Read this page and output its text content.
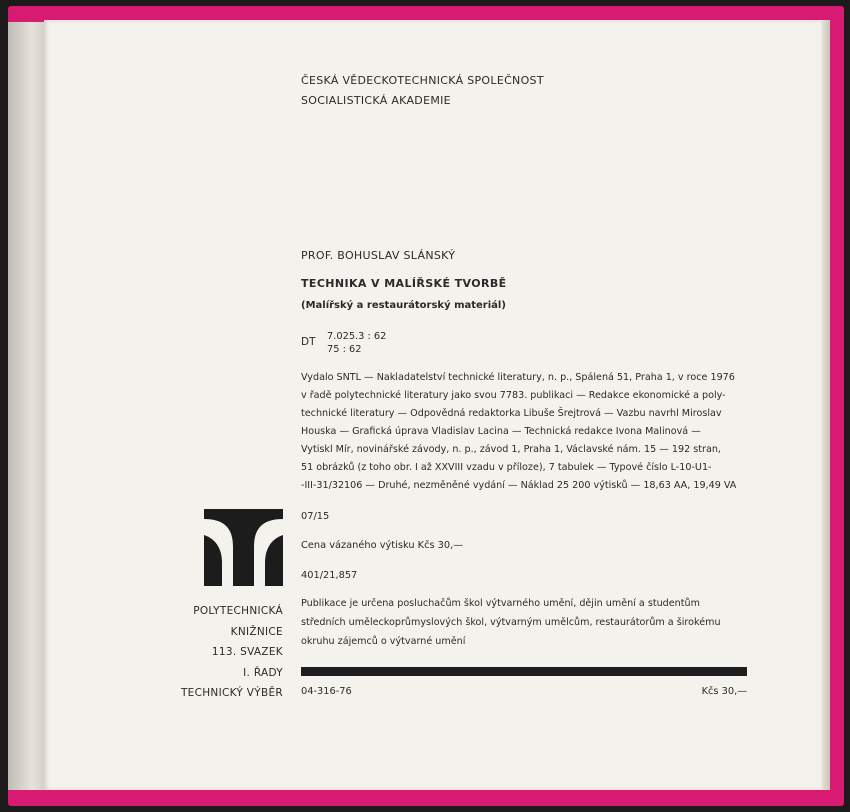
ČESKÁ VĚDECKOTECHNICKÁ SPOLEČNOST
SOCIALISTICKÁ AKADEMIE
PROF. BOHUSLAV SLÁNSKÝ
TECHNIKA V MALÍŘSKÉ TVORBĚ
(Malířský a restaurátorský materiál)
DT 7.025.3 : 62
75 : 62
Vydalo SNTL — Nakladatelství technické literatury, n. p., Spálená 51, Praha 1, v roce 1976
v řadě polytechnické literatury jako svou 7783. publikaci — Redakce ekonomické a poly-
technické literatury — Odpovědná redaktorka Libuše Šrejtrová — Vazbu navrhl Miroslav
Houska — Grafická úprava Vladislav Lacina — Technická redakce Ivona Malinová —
Vytiskl Mír, novinářské závody, n. p., závod 1, Praha 1, Václavské nám. 15 — 192 stran,
51 obrázků (z toho obr. I až XXVIII vzadu v příloze), 7 tabulek — Typové číslo L-10-U1-
-III-31/32106 — Druhé, nezměněné vydání — Náklad 25 200 výtisků — 18,63 AA, 19,49 VA
07/15
Cena vázaného výtisku Kčs 30,—
401/21,857
Publikace je určena posluchačům škol výtvarného umění, dějin umění a studentům
středních uměleckoprůmyslových škol, výtvarným umělcům, restaurátorům a širokému
okruhu zájemců o výtvarné umění
POLYTECHNICKÁ
KNIŽNICE
113. SVAZEK
I. ŘADY
TECHNICKÝ VÝBĚR 04-316-76	Kčs 30,—
